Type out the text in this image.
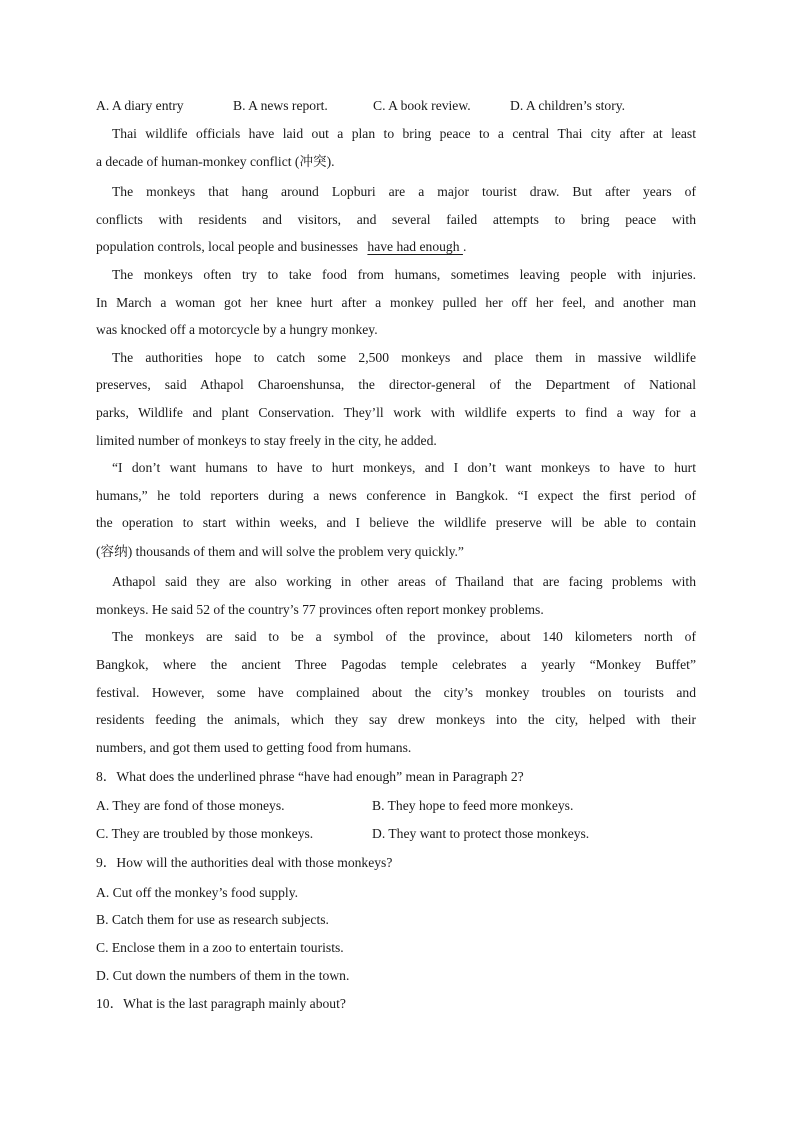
A. A diary entry	B. A news report.	C. A book review.	D. A children’s story.
Thai wildlife officials have laid out a plan to bring peace to a central Thai city after at least
a decade of human-monkey conflict (冲突).
The monkeys that hang around Lopburi are a major tourist draw. But after years of
conflicts with residents and visitors, and several failed attempts to bring peace with
population controls, local people and businesses have had enough .
The monkeys often try to take food from humans, sometimes leaving people with injuries.
In March a woman got her knee hurt after a monkey pulled her off her feel, and another man
was knocked off a motorcycle by a hungry monkey.
The authorities hope to catch some 2,500 monkeys and place them in massive wildlife
preserves, said Athapol Charoenshunsa, the director-general of the Department of National
parks, Wildlife and plant Conservation. They’ll work with wildlife experts to find a way for a
limited number of monkeys to stay freely in the city, he added.
“I don’t want humans to have to hurt monkeys, and I don’t want monkeys to have to hurt
humans,” he told reporters during a news conference in Bangkok. “I expect the first period of
the operation to start within weeks, and I believe the wildlife preserve will be able to contain
(容纳) thousands of them and will solve the problem very quickly.”
Athapol said they are also working in other areas of Thailand that are facing problems with
monkeys. He said 52 of the country’s 77 provinces often report monkey problems.
The monkeys are said to be a symbol of the province, about 140 kilometers north of
Bangkok, where the ancient Three Pagodas temple celebrates a yearly “Monkey Buffet”
festival. However, some have complained about the city’s monkey troubles on tourists and
residents feeding the animals, which they say drew monkeys into the city, helped with their
numbers, and got them used to getting food from humans.
8．What does the underlined phrase “have had enough” mean in Paragraph 2?
A. They are fond of those moneys.	B. They hope to feed more monkeys.
C. They are troubled by those monkeys.	D. They want to protect those monkeys.
9．How will the authorities deal with those monkeys?
A. Cut off the monkey’s food supply.
B. Catch them for use as research subjects.
C. Enclose them in a zoo to entertain tourists.
D. Cut down the numbers of them in the town.
10．What is the last paragraph mainly about?
